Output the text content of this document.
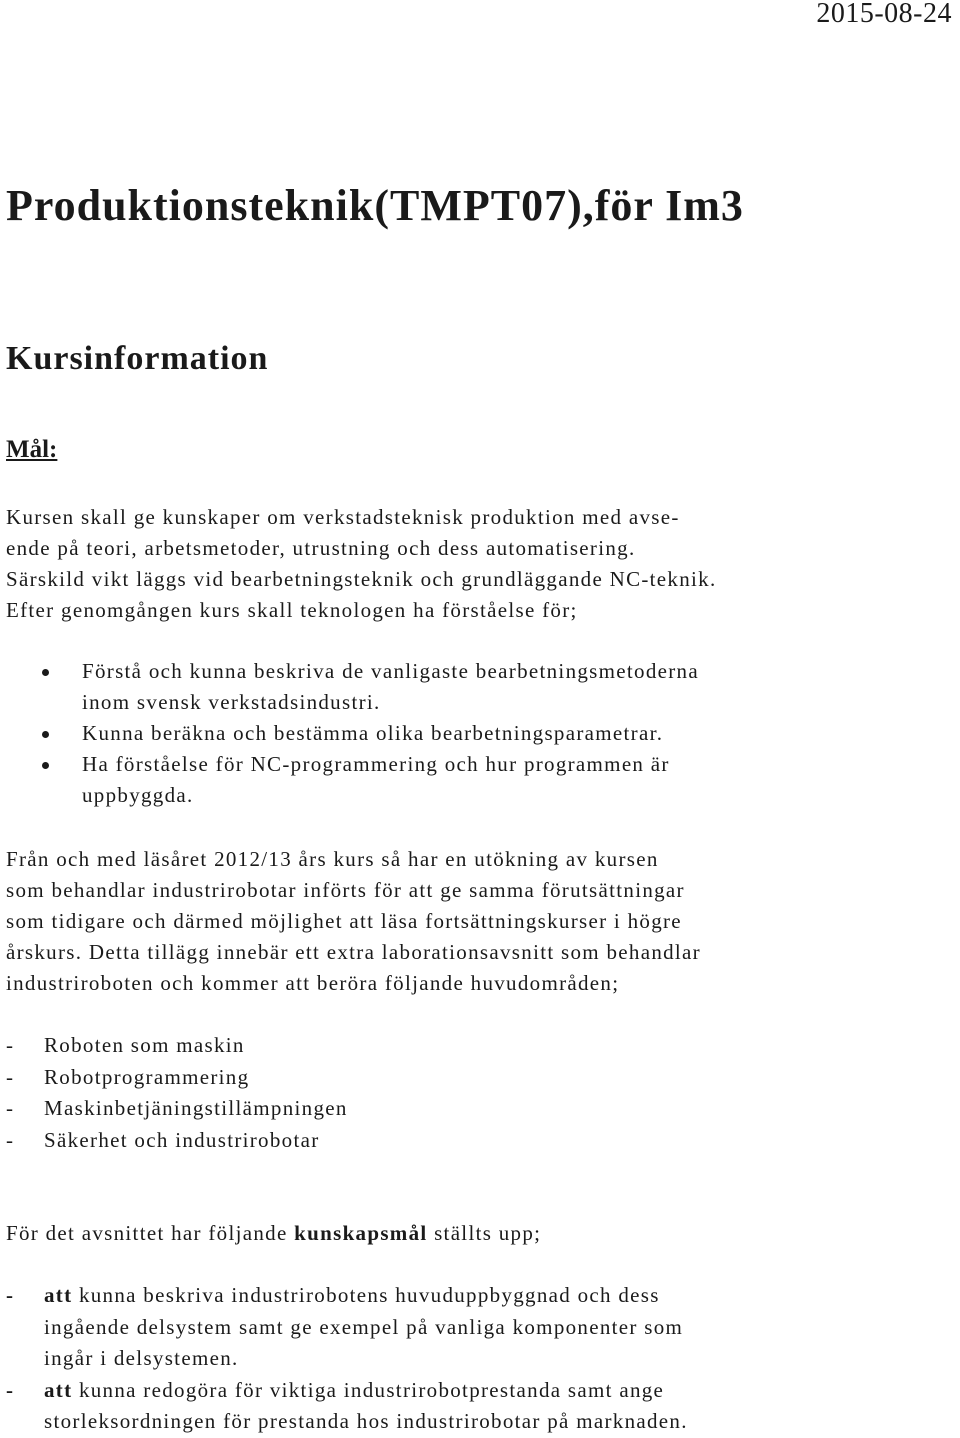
2015-08-24
Produktionsteknik(TMPT07),för Im3
Kursinformation
Mål:

Kursen skall ge kunskaper om verkstadsteknisk produktion med avse-
ende på teori, arbetsmetoder, utrustning och dess automatisering.
Särskild vikt läggs vid bearbetningsteknik och grundläggande NC-teknik.
Efter genomgången kurs skall teknologen ha förståelse för;

Förstå och kunna beskriva de vanligaste bearbetningsmetoderna
inom svensk verkstadsindustri.
Kunna beräkna och bestämma olika bearbetningsparametrar.
Ha förståelse för NC-programmering och hur programmen är
uppbyggda.

Från och med läsåret 2012/13 års kurs så har en utökning av kursen
som behandlar industrirobotar införts för att ge samma förutsättningar
som tidigare och därmed möjlighet att läsa fortsättningskurser i högre
årskurs. Detta tillägg innebär ett extra laborationsavsnitt som behandlar
industriroboten och kommer att beröra följande huvudområden;

- Roboten som maskin
- Robotprogrammering
- Maskinbetjäningstillämpningen
- Säkerhet och industrirobotar

För det avsnittet har följande kunskapsmål ställts upp;

- att kunna beskriva industrirobotens huvuduppbyggnad och dess
ingående delsystem samt ge exempel på vanliga komponenter som
ingår i delsystemen.
- att kunna redogöra för viktiga industrirobotprestanda samt ange
storleksordningen för prestanda hos industrirobotar på marknaden.
